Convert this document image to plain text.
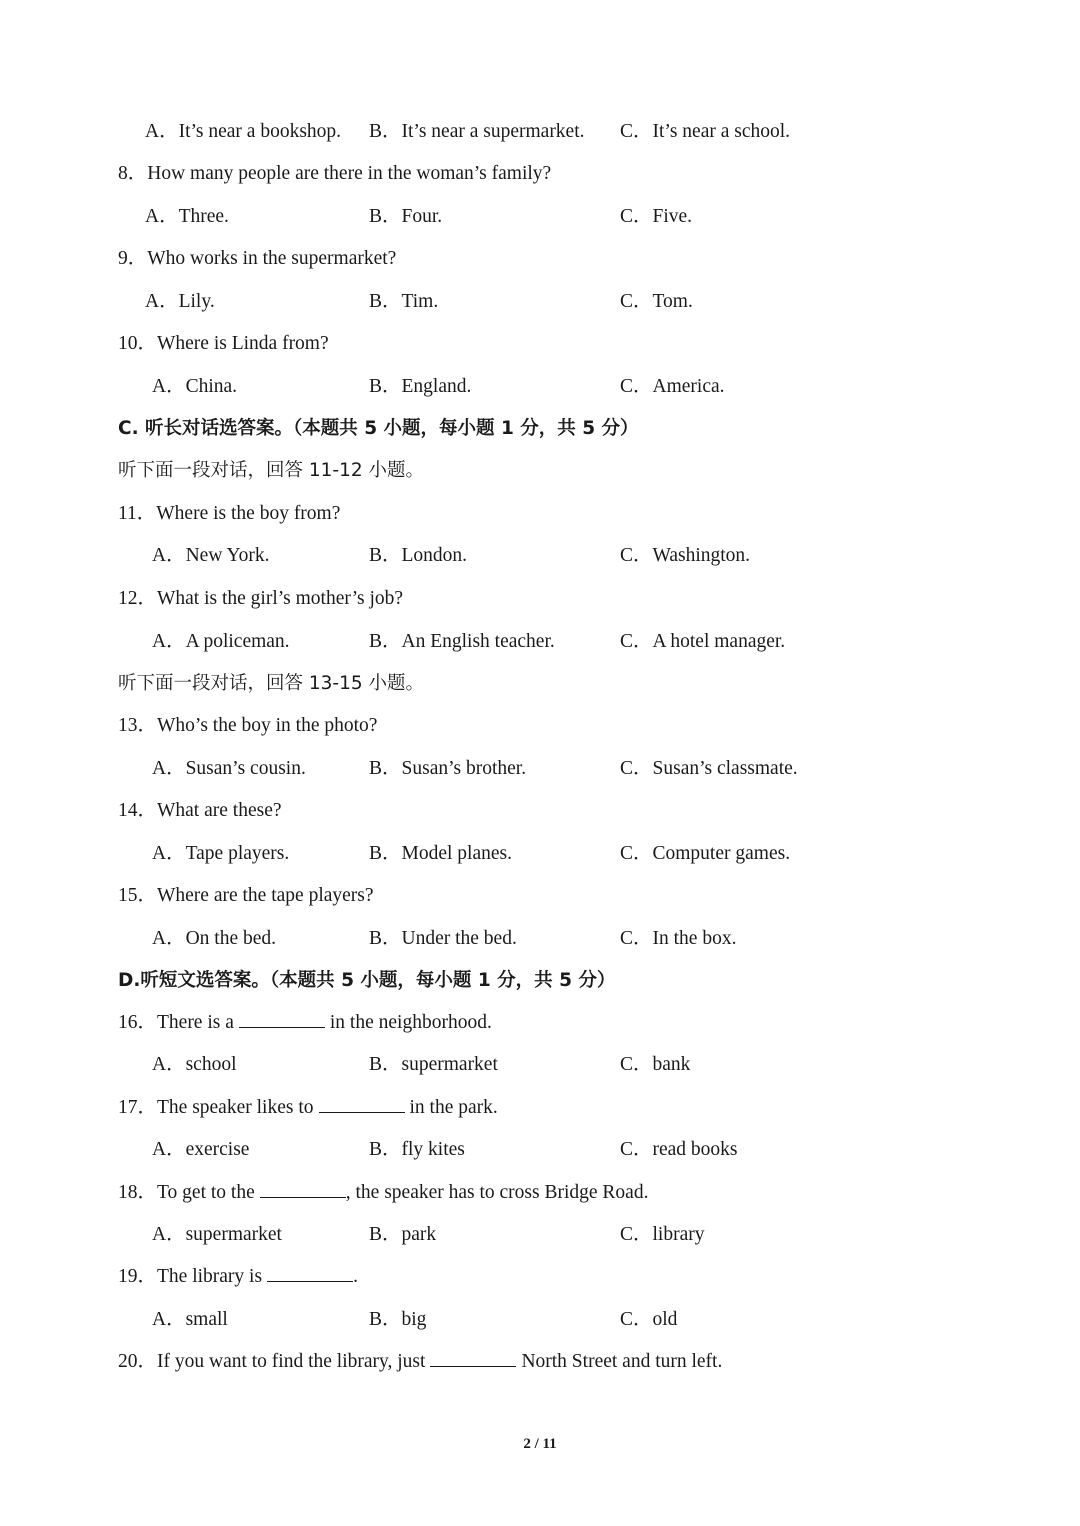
A．It’s near a bookshop. B．It’s near a supermarket. C．It’s near a school.
8．How many people are there in the woman’s family?
A．Three.	B．Four.	C．Five.
9．Who works in the supermarket?
A．Lily.	B．Tim.	C．Tom.
10．Where is Linda from?
A．China.	B．England.	C．America.
C. 听长对话选答案。（本题共 5 小题，每小题 1 分，共 5 分）
听下面一段对话，回答 11-12 小题。
11．Where is the boy from?
A．New York.	B．London.	C．Washington.
12．What is the girl’s mother’s job?
A．A policeman.	B．An English teacher.	C．A hotel manager.
听下面一段对话，回答 13-15 小题。
13．Who’s the boy in the photo?
A．Susan’s cousin.	B．Susan’s brother.	C．Susan’s classmate.
14．What are these?
A．Tape players.	B．Model planes.	C．Computer games.
15．Where are the tape players?
A．On the bed.	B．Under the bed.	C．In the box.
D.听短文选答案。（本题共 5 小题，每小题 1 分，共 5 分）
16．There is a	in the neighborhood.
A．school	B．supermarket	C．bank
17．The speaker likes to	in the park.
A．exercise	B．fly kites	C．read books
18．To get to the	, the speaker has to cross Bridge Road.
A．supermarket	B．park	C．library
19．The library is	.
A．small	B．big	C．old
20．If you want to find the library, just	North Street and turn left.
2 / 11
